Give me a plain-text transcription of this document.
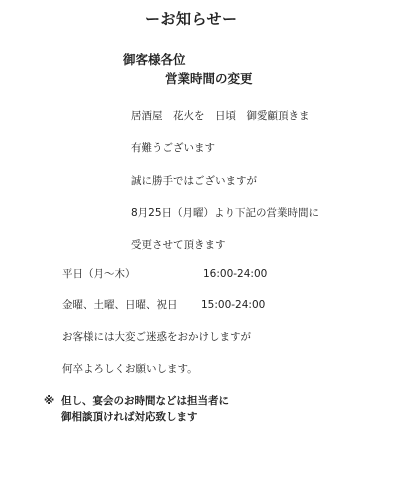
ーお知らせー
御客様各位
営業時間の変更
居酒屋　花火を　日頃　御愛顧頂きま
有難うございます
誠に勝手ではございますが
8月25日（月曜）より下記の営業時間に
受更させて頂きます
平日（月〜木）	16:00-24:00
金曜、土曜、日曜、祝日 15:00-24:00
お客様には大変ご迷惑をおかけしますが
何卒よろしくお願いします。
※ 但し、宴会のお時間などは担当者に
御相談頂ければ対応致します
